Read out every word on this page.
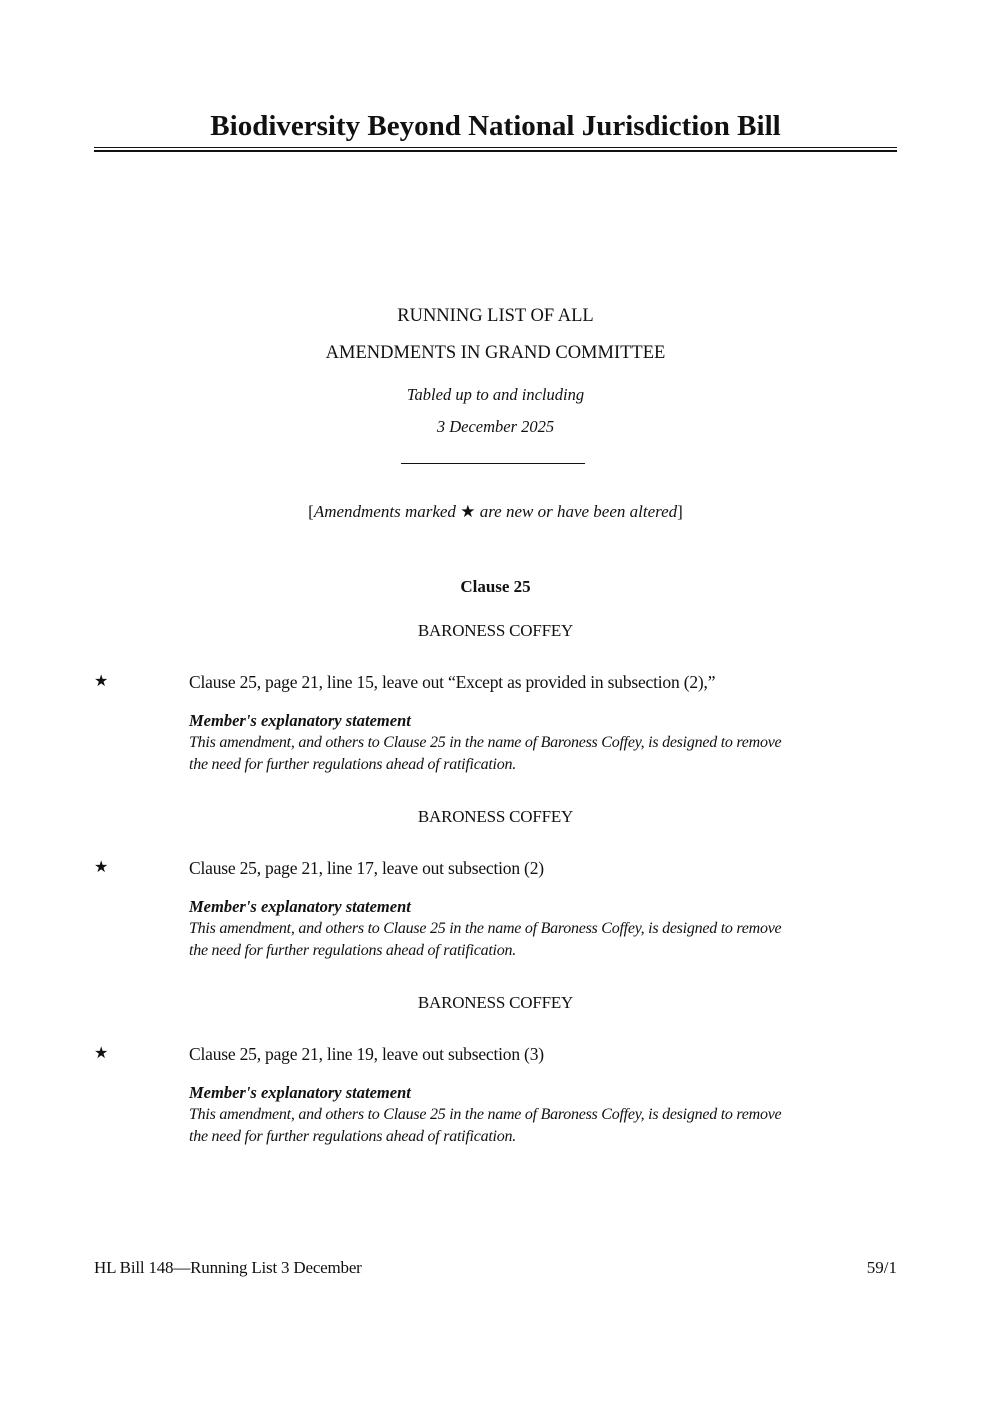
Biodiversity Beyond National Jurisdiction Bill
RUNNING LIST OF ALL
AMENDMENTS IN GRAND COMMITTEE
Tabled up to and including
3 December 2025
[Amendments marked ★ are new or have been altered]
Clause 25
BARONESS COFFEY
★	Clause 25, page 21, line 15, leave out “Except as provided in subsection (2),”
Member's explanatory statement
This amendment, and others to Clause 25 in the name of Baroness Coffey, is designed to remove
the need for further regulations ahead of ratification.
BARONESS COFFEY
★	Clause 25, page 21, line 17, leave out subsection (2)
Member's explanatory statement
This amendment, and others to Clause 25 in the name of Baroness Coffey, is designed to remove
the need for further regulations ahead of ratification.
BARONESS COFFEY
★	Clause 25, page 21, line 19, leave out subsection (3)
Member's explanatory statement
This amendment, and others to Clause 25 in the name of Baroness Coffey, is designed to remove
the need for further regulations ahead of ratification.
HL Bill 148—Running List 3 December	59/1
